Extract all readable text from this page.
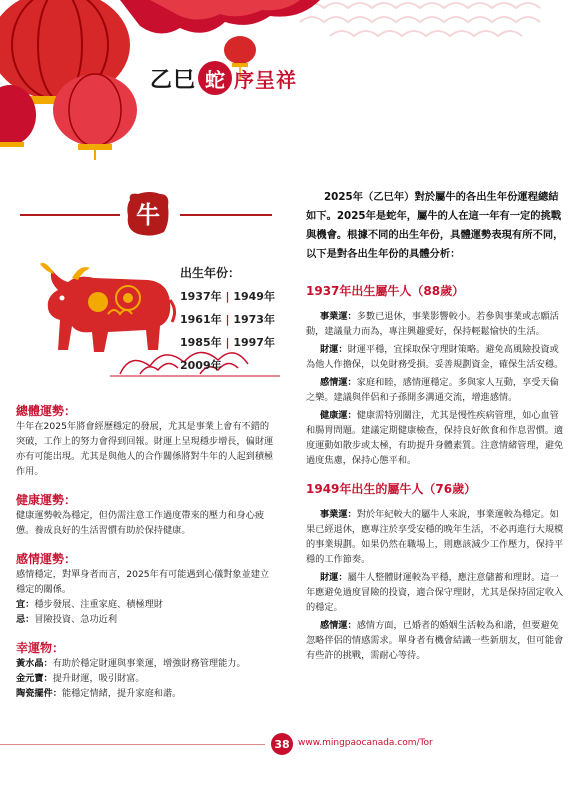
乙巳 蛇 序呈祥
牛
出生年份：
1937年 | 1949年
1961年 | 1973年
1985年 | 1997年
2009年
總體運勢：
牛年在2025年將會經歷穩定的發展，尤其是事業上會有不錯的突破，工作上的努力會得到回報。財運上呈現穩步增長，偏財運亦有可能出現。尤其是與他人的合作關係將對牛年的人起到積極作用。
健康運勢：
健康運勢較為穩定，但仍需注意工作過度帶來的壓力和身心疲憊。養成良好的生活習慣有助於保持健康。
感情運勢：
感情穩定，對單身者而言，2025年有可能遇到心儀對象並建立穩定的關係。
宜：穩步發展、注重家庭、積極理財
忌：冒險投資、急功近利
幸運物：
黃水晶：有助於穩定財運與事業運，增強財務管理能力。
金元寶：提升財運，吸引財富。
陶瓷擺件：能穩定情緒，提升家庭和諧。

2025年（乙巳年）對於屬牛的各出生年份運程總結如下。2025年是蛇年，屬牛的人在這一年有一定的挑戰與機會。根據不同的出生年份，具體運勢表現有所不同，以下是對各出生年份的具體分析：

1937年出生屬牛人（88歲）

事業運：多數已退休，事業影響較小。若參與事業或志願活動，建議量力而為，專注興趣愛好，保持輕鬆愉快的生活。

財運：財運平穩，宜採取保守理財策略。避免高風險投資或為他人作擔保，以免財務受損。妥善規劃資金，確保生活安穩。

感情運：家庭和睦，感情運穩定。多與家人互動，享受天倫之樂。建議與伴侶和子孫開多溝通交流，增進感情。

健康運：健康需特別關注，尤其是慢性疾病管理，如心血管和腸胃問題。建議定期健康檢查，保持良好飲食和作息習慣。適度運動如散步或太極，有助提升身體素質。注意情緒管理，避免過度焦慮，保持心態平和。

1949年出生的屬牛人（76歲）

事業運：對於年紀較大的屬牛人來說，事業運較為穩定。如果已經退休，應專注於享受安穩的晚年生活，不必再進行大規模的事業規劃。如果仍然在職場上，則應該減少工作壓力，保持平穩的工作節奏。

財運：屬牛人整體財運較為平穩，應注意儲蓄和理財。這一年應避免過度冒險的投資，適合保守理財，尤其是保持固定收入的穩定。

感情運：感情方面，已婚者的婚姻生活較為和諧，但要避免忽略伴侶的情感需求。單身者有機會結識一些新朋友，但可能會有些許的挑戰，需耐心等待。

38 www.mingpaocanada.com/Tor
